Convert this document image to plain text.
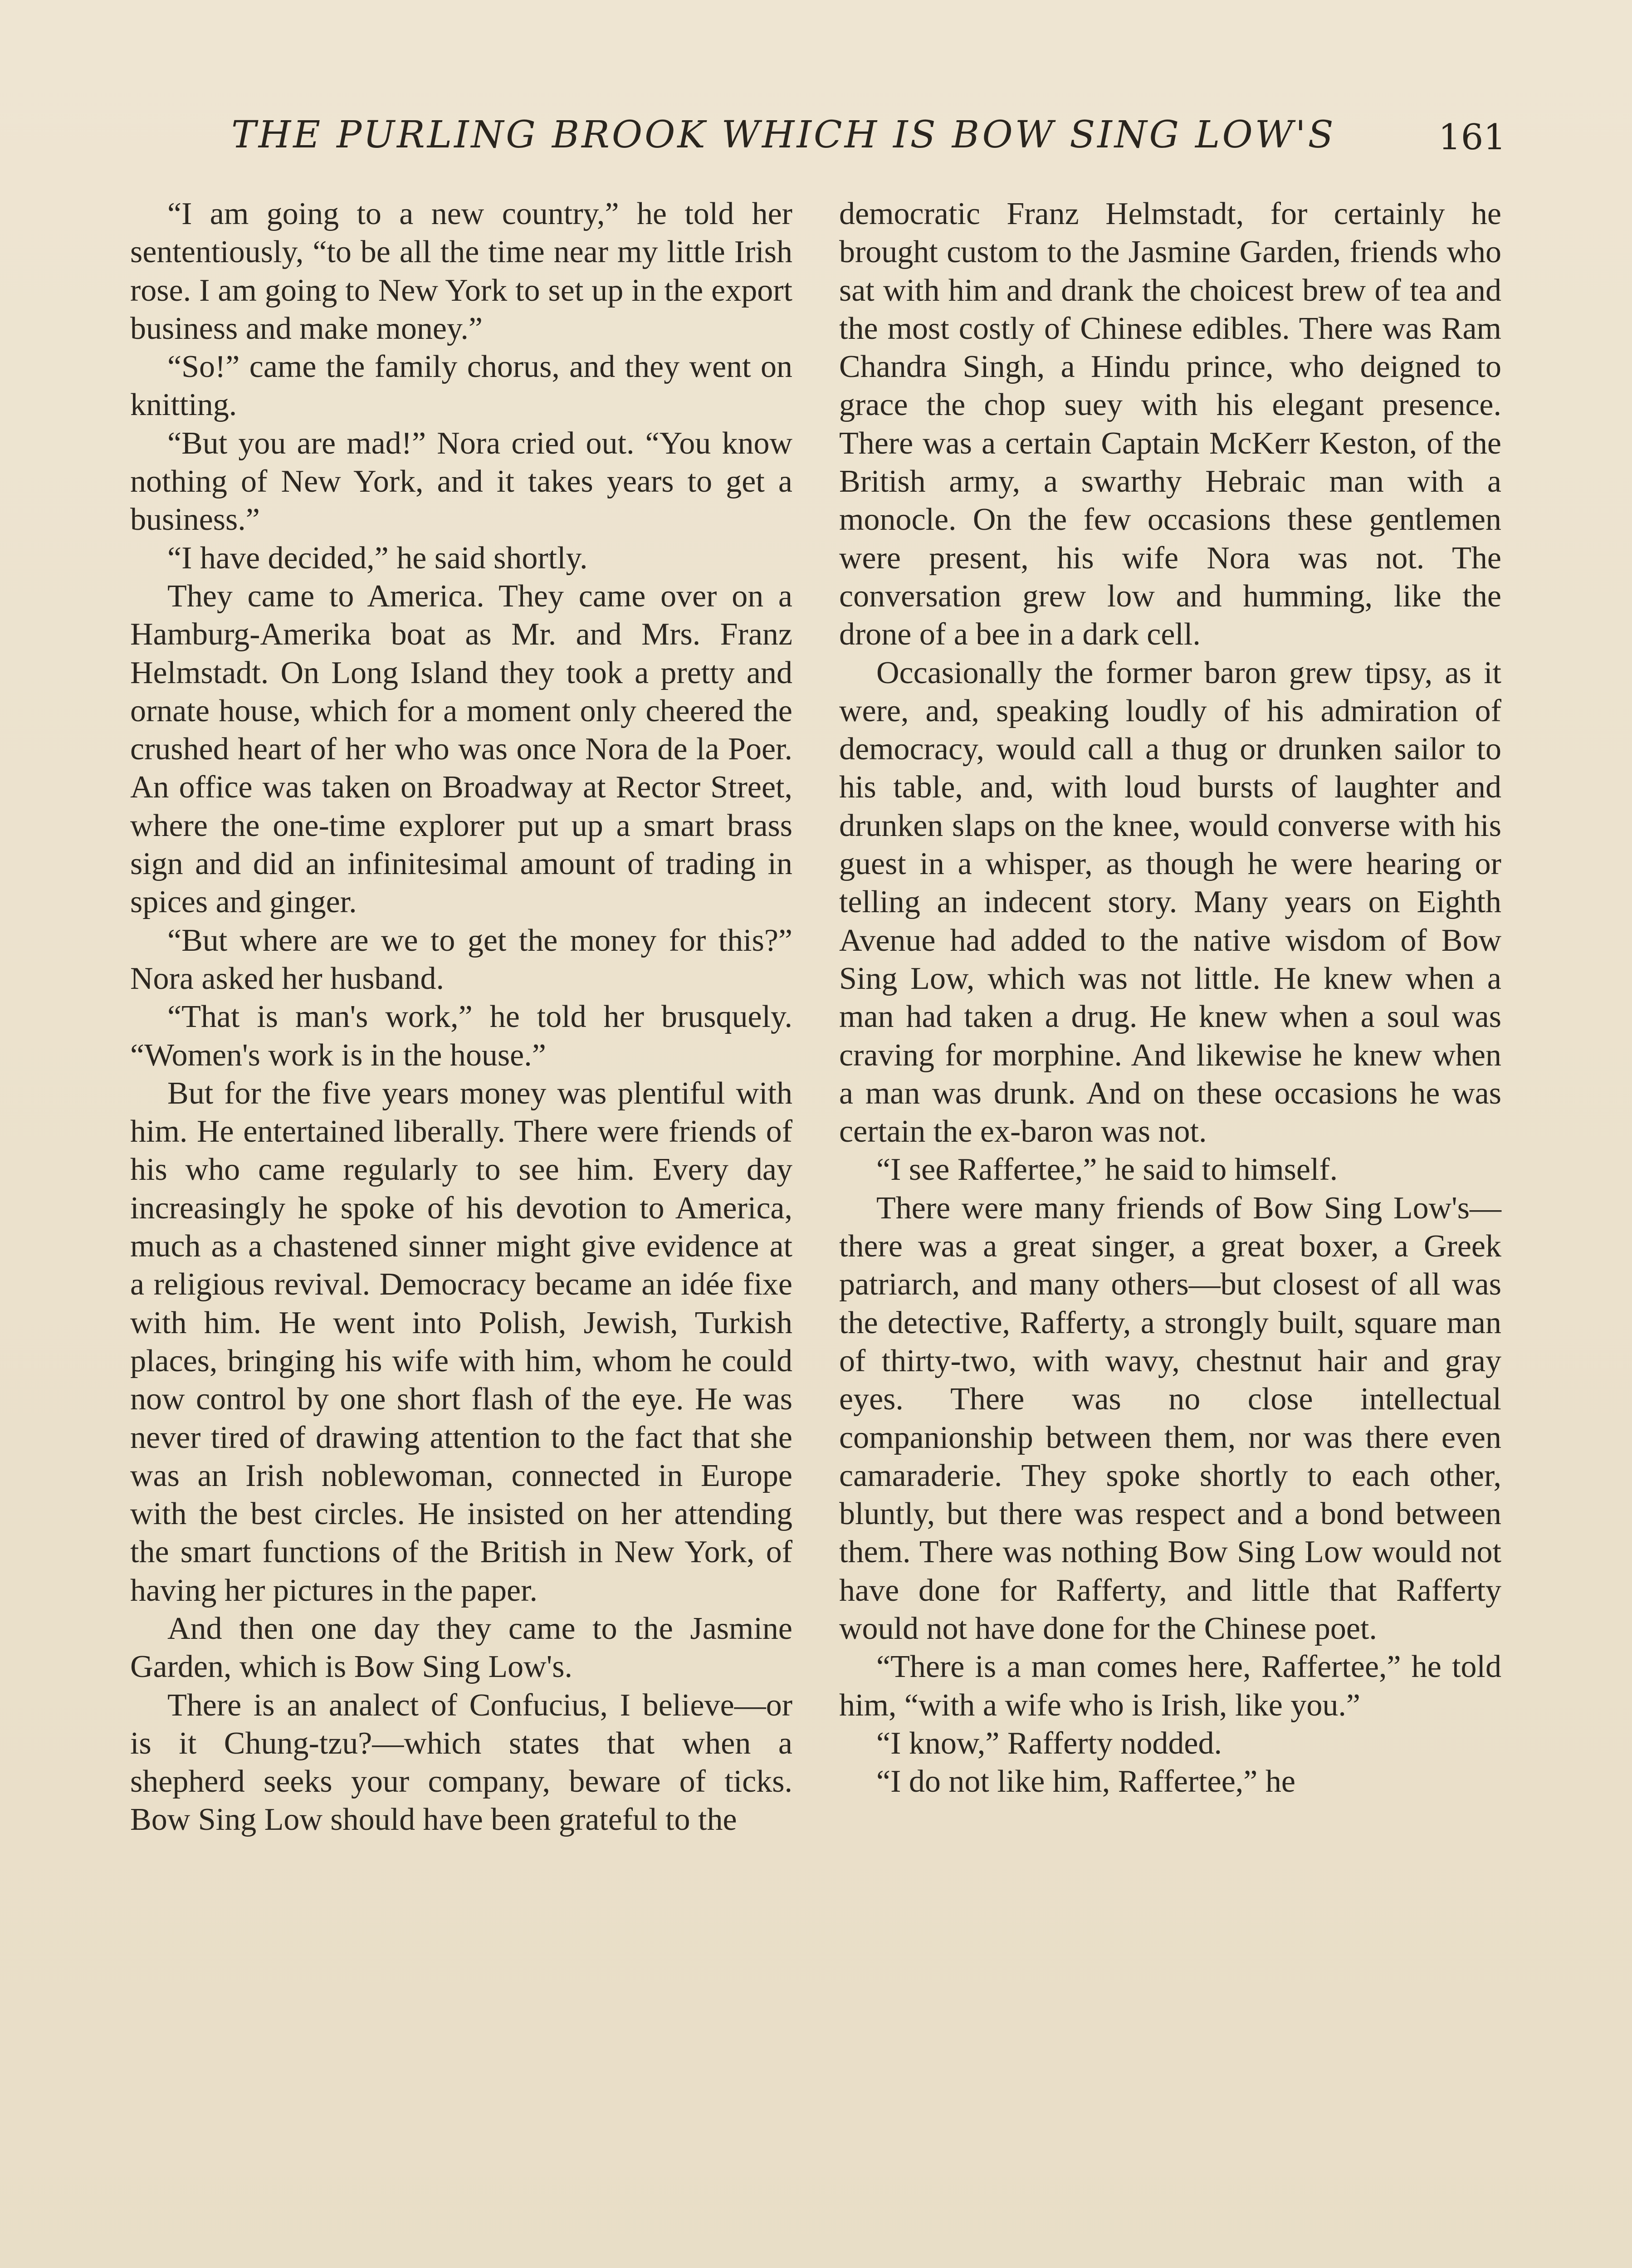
THE PURLING BROOK WHICH IS BOW SING LOW'S	161

“I am going to a new country,” he told her sententiously, “to be all the time near my little Irish rose. I am going to New York to set up in the export business and make money.”

“So!” came the family chorus, and they went on knitting.

“But you are mad!” Nora cried out. “You know nothing of New York, and it takes years to get a business.”

“I have decided,” he said shortly.

They came to America. They came over on a Hamburg-Amerika boat as Mr. and Mrs. Franz Helmstadt. On Long Island they took a pretty and ornate house, which for a moment only cheered the crushed heart of her who was once Nora de la Poer. An office was taken on Broadway at Rector Street, where the one-time explorer put up a smart brass sign and did an infinitesimal amount of trading in spices and ginger.

“But where are we to get the money for this?” Nora asked her husband.

“That is man's work,” he told her brusquely. “Women's work is in the house.”

But for the five years money was plentiful with him. He entertained liberally. There were friends of his who came regularly to see him. Every day increasingly he spoke of his devotion to America, much as a chastened sinner might give evidence at a religious revival. Democracy became an idée fixe with him. He went into Polish, Jewish, Turkish places, bringing his wife with him, whom he could now control by one short flash of the eye. He was never tired of drawing attention to the fact that she was an Irish noblewoman, connected in Europe with the best circles. He insisted on her attending the smart functions of the British in New York, of having her pictures in the paper.

And then one day they came to the Jasmine Garden, which is Bow Sing Low's.

There is an analect of Confucius, I believe—or is it Chung-tzu?—which states that when a shepherd seeks your company, beware of ticks. Bow Sing Low should have been grateful to the

democratic Franz Helmstadt, for certainly he brought custom to the Jasmine Garden, friends who sat with him and drank the choicest brew of tea and the most costly of Chinese edibles. There was Ram Chandra Singh, a Hindu prince, who deigned to grace the chop suey with his elegant presence. There was a certain Captain McKerr Keston, of the British army, a swarthy Hebraic man with a monocle. On the few occasions these gentlemen were present, his wife Nora was not. The conversation grew low and humming, like the drone of a bee in a dark cell.

Occasionally the former baron grew tipsy, as it were, and, speaking loudly of his admiration of democracy, would call a thug or drunken sailor to his table, and, with loud bursts of laughter and drunken slaps on the knee, would converse with his guest in a whisper, as though he were hearing or telling an indecent story. Many years on Eighth Avenue had added to the native wisdom of Bow Sing Low, which was not little. He knew when a man had taken a drug. He knew when a soul was craving for morphine. And likewise he knew when a man was drunk. And on these occasions he was certain the ex-baron was not.

“I see Raffertee,” he said to himself.

There were many friends of Bow Sing Low's—there was a great singer, a great boxer, a Greek patriarch, and many others—but closest of all was the detective, Rafferty, a strongly built, square man of thirty-two, with wavy, chestnut hair and gray eyes. There was no close intellectual companionship between them, nor was there even camaraderie. They spoke shortly to each other, bluntly, but there was respect and a bond between them. There was nothing Bow Sing Low would not have done for Rafferty, and little that Rafferty would not have done for the Chinese poet.

“There is a man comes here, Raffertee,” he told him, “with a wife who is Irish, like you.”

“I know,” Rafferty nodded.

“I do not like him, Raffertee,” he
